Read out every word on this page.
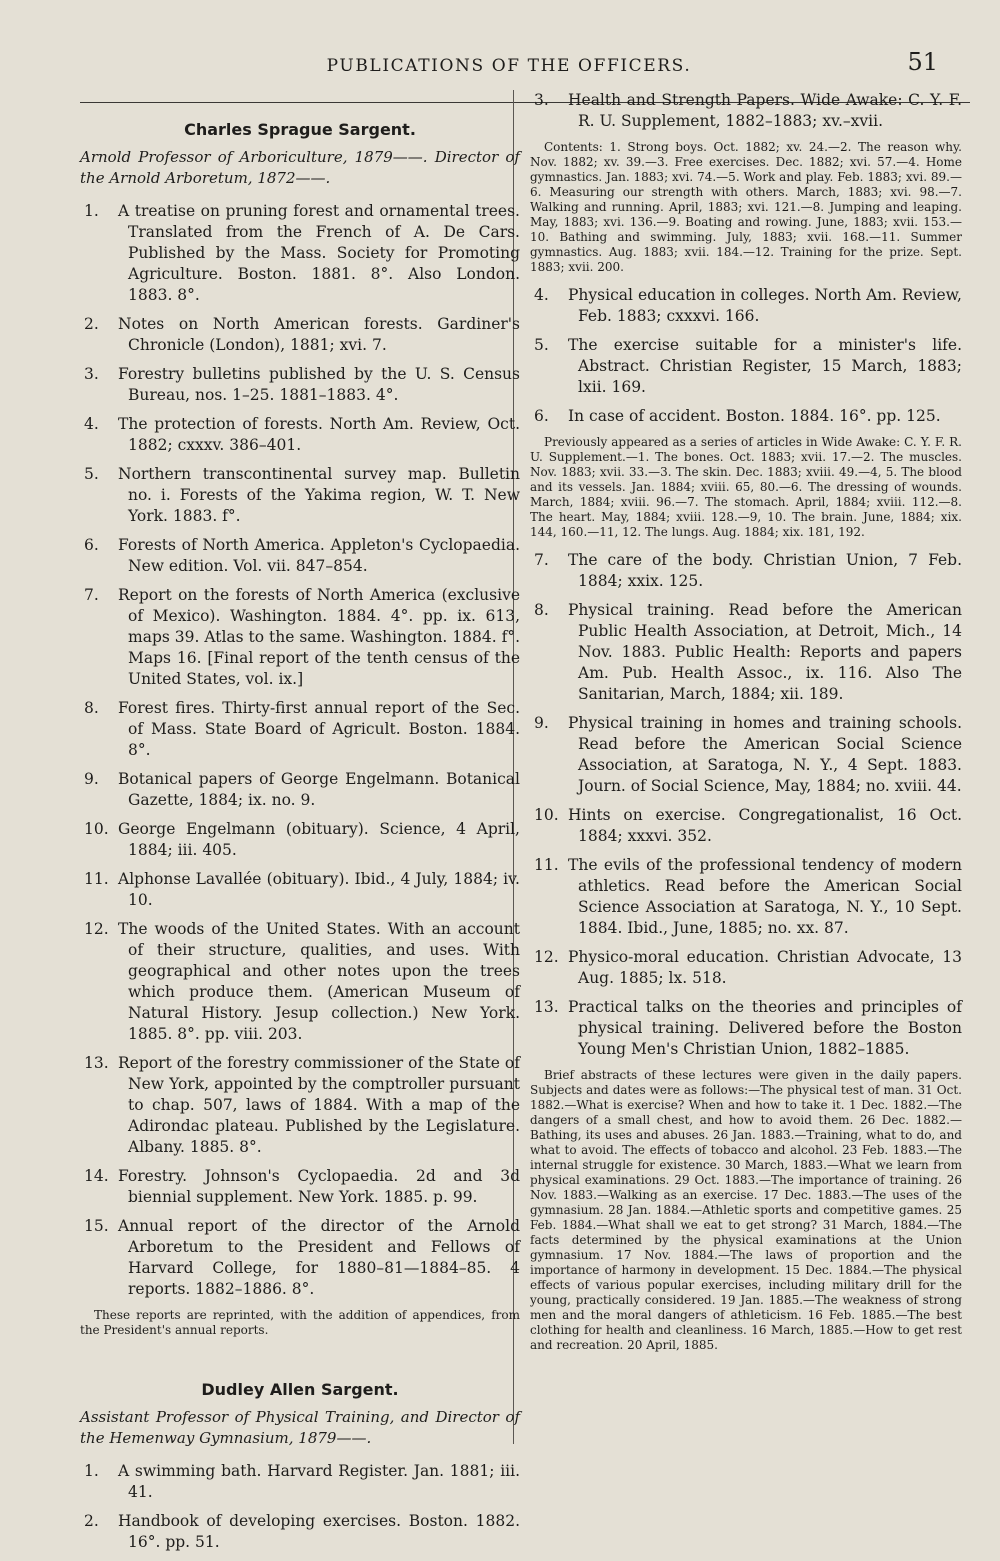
PUBLICATIONS OF THE OFFICERS.	51
Charles Sprague Sargent.

Arnold Professor of Arboriculture, 1879——. Director of the Arnold Arboretum, 1872——.

1. A treatise on pruning forest and ornamental trees. Translated from the French of A. De Cars. Published by the Mass. Society for Promoting Agriculture. Boston. 1881. 8°. Also London. 1883. 8°.

2. Notes on North American forests. Gardiner's Chronicle (London), 1881; xvi. 7.

3. Forestry bulletins published by the U. S. Census Bureau, nos. 1–25. 1881–1883. 4°.

4. The protection of forests. North Am. Review, Oct. 1882; cxxxv. 386–401.

5. Northern transcontinental survey map. Bulletin no. i. Forests of the Yakima region, W. T. New York. 1883. f°.

6. Forests of North America. Appleton's Cyclopaedia. New edition. Vol. vii. 847–854.

7. Report on the forests of North America (exclusive of Mexico). Washington. 1884. 4°. pp. ix. 613, maps 39. Atlas to the same. Washington. 1884. f°. Maps 16. [Final report of the tenth census of the United States, vol. ix.]

8. Forest fires. Thirty-first annual report of the Sec. of Mass. State Board of Agricult. Boston. 1884. 8°.

9. Botanical papers of George Engelmann. Botanical Gazette, 1884; ix. no. 9.

10. George Engelmann (obituary). Science, 4 April, 1884; iii. 405.

11. Alphonse Lavallée (obituary). Ibid., 4 July, 1884; iv. 10.

12. The woods of the United States. With an account of their structure, qualities, and uses. With geographical and other notes upon the trees which produce them. (American Museum of Natural History. Jesup collection.) New York. 1885. 8°. pp. viii. 203.

13. Report of the forestry commissioner of the State of New York, appointed by the comptroller pursuant to chap. 507, laws of 1884. With a map of the Adirondac plateau. Published by the Legislature. Albany. 1885. 8°.

14. Forestry. Johnson's Cyclopaedia. 2d and 3d biennial supplement. New York. 1885. p. 99.

15. Annual report of the director of the Arnold Arboretum to the President and Fellows of Harvard College, for 1880–81—1884–85. 4 reports. 1882–1886. 8°.

These reports are reprinted, with the addition of appendices, from the President's annual reports.

Dudley Allen Sargent.

Assistant Professor of Physical Training, and Director of the Hemenway Gymnasium, 1879——.

1. A swimming bath. Harvard Register. Jan. 1881; iii. 41.

2. Handbook of developing exercises. Boston. 1882. 16°. pp. 51.

3. Health and Strength Papers. Wide Awake: C. Y. F. R. U. Supplement, 1882–1883; xv.–xvii.

Contents: 1. Strong boys. Oct. 1882; xv. 24.—2. The reason why. Nov. 1882; xv. 39.—3. Free exercises. Dec. 1882; xvi. 57.—4. Home gymnastics. Jan. 1883; xvi. 74.—5. Work and play. Feb. 1883; xvi. 89.—6. Measuring our strength with others. March, 1883; xvi. 98.—7. Walking and running. April, 1883; xvi. 121.—8. Jumping and leaping. May, 1883; xvi. 136.—9. Boating and rowing. June, 1883; xvii. 153.—10. Bathing and swimming. July, 1883; xvii. 168.—11. Summer gymnastics. Aug. 1883; xvii. 184.—12. Training for the prize. Sept. 1883; xvii. 200.

4. Physical education in colleges. North Am. Review, Feb. 1883; cxxxvi. 166.

5. The exercise suitable for a minister's life. Abstract. Christian Register, 15 March, 1883; lxii. 169.

6. In case of accident. Boston. 1884. 16°. pp. 125.

Previously appeared as a series of articles in Wide Awake: C. Y. F. R. U. Supplement.—1. The bones. Oct. 1883; xvii. 17.—2. The muscles. Nov. 1883; xvii. 33.—3. The skin. Dec. 1883; xviii. 49.—4, 5. The blood and its vessels. Jan. 1884; xviii. 65, 80.—6. The dressing of wounds. March, 1884; xviii. 96.—7. The stomach. April, 1884; xviii. 112.—8. The heart. May, 1884; xviii. 128.—9, 10. The brain. June, 1884; xix. 144, 160.—11, 12. The lungs. Aug. 1884; xix. 181, 192.

7. The care of the body. Christian Union, 7 Feb. 1884; xxix. 125.

8. Physical training. Read before the American Public Health Association, at Detroit, Mich., 14 Nov. 1883. Public Health: Reports and papers Am. Pub. Health Assoc., ix. 116. Also The Sanitarian, March, 1884; xii. 189.

9. Physical training in homes and training schools. Read before the American Social Science Association, at Saratoga, N. Y., 4 Sept. 1883. Journ. of Social Science, May, 1884; no. xviii. 44.

10. Hints on exercise. Congregationalist, 16 Oct. 1884; xxxvi. 352.

11. The evils of the professional tendency of modern athletics. Read before the American Social Science Association at Saratoga, N. Y., 10 Sept. 1884. Ibid., June, 1885; no. xx. 87.

12. Physico-moral education. Christian Advocate, 13 Aug. 1885; lx. 518.

13. Practical talks on the theories and principles of physical training. Delivered before the Boston Young Men's Christian Union, 1882–1885.

Brief abstracts of these lectures were given in the daily papers. Subjects and dates were as follows:—The physical test of man. 31 Oct. 1882.—What is exercise? When and how to take it. 1 Dec. 1882.—The dangers of a small chest, and how to avoid them. 26 Dec. 1882.—Bathing, its uses and abuses. 26 Jan. 1883.—Training, what to do, and what to avoid. The effects of tobacco and alcohol. 23 Feb. 1883.—The internal struggle for existence. 30 March, 1883.—What we learn from physical examinations. 29 Oct. 1883.—The importance of training. 26 Nov. 1883.—Walking as an exercise. 17 Dec. 1883.—The uses of the gymnasium. 28 Jan. 1884.—Athletic sports and competitive games. 25 Feb. 1884.—What shall we eat to get strong? 31 March, 1884.—The facts determined by the physical examinations at the Union gymnasium. 17 Nov. 1884.—The laws of proportion and the importance of harmony in development. 15 Dec. 1884.—The physical effects of various popular exercises, including military drill for the young, practically considered. 19 Jan. 1885.—The weakness of strong men and the moral dangers of athleticism. 16 Feb. 1885.—The best clothing for health and cleanliness. 16 March, 1885.—How to get rest and recreation. 20 April, 1885.
